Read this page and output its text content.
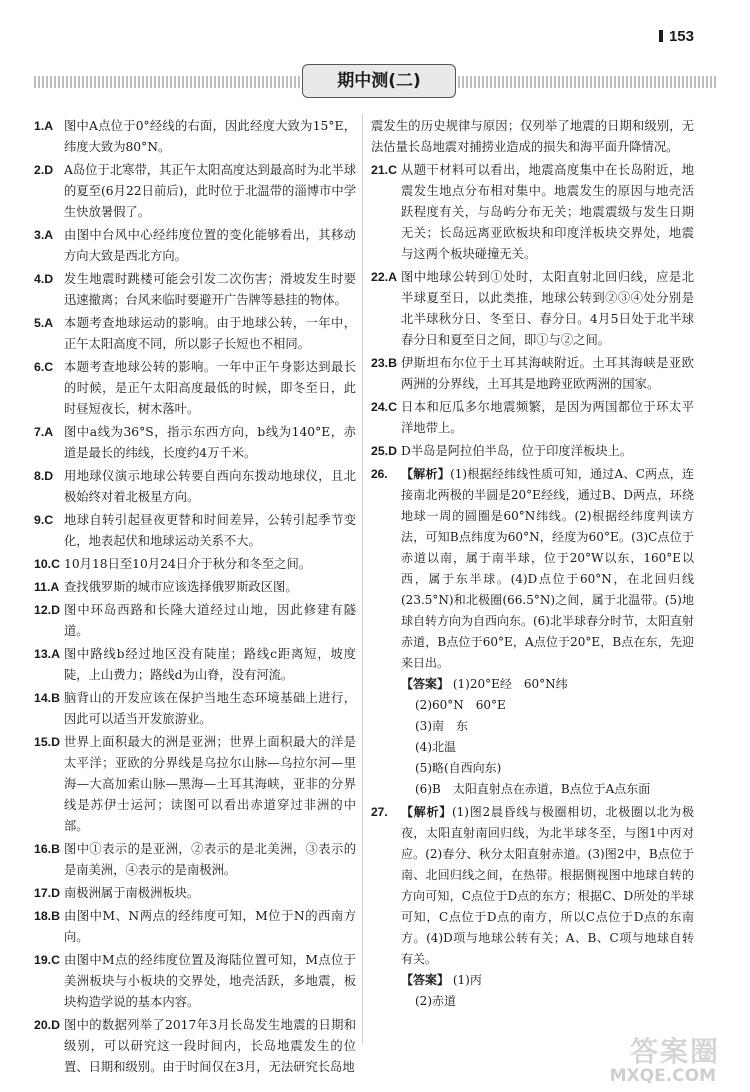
153
期中测(二)
1.A 图中A点位于0°经线的右面，因此经度大致为15°E，纬度大致为80°N。
2.D A岛位于北寒带，其正午太阳高度达到最高时为北半球的夏至(6月22日前后)，此时位于北温带的淄博市中学生快放暑假了。
3.A 由图中台风中心经纬度位置的变化能够看出，其移动方向大致是西北方向。
4.D 发生地震时跳楼可能会引发二次伤害；滑坡发生时要迅速撤离；台风来临时要避开广告牌等悬挂的物体。
5.A 本题考查地球运动的影响。由于地球公转，一年中，正午太阳高度不同，所以影子长短也不相同。
6.C 本题考查地球公转的影响。一年中正午身影达到最长的时候，是正午太阳高度最低的时候，即冬至日，此时昼短夜长，树木落叶。
7.A 图中a线为36°S，指示东西方向，b线为140°E，赤道是最长的纬线，长度约4万千米。
8.D 用地球仪演示地球公转要自西向东拨动地球仪，且北极始终对着北极星方向。
9.C 地球自转引起昼夜更替和时间差异，公转引起季节变化，地表起伏和地球运动关系不大。
10.C 10月18日至10月24日介于秋分和冬至之间。
11.A 查找俄罗斯的城市应该选择俄罗斯政区图。
12.D 图中环岛西路和长隆大道经过山地，因此修建有隧道。
13.A 图中路线b经过地区没有陡崖；路线c距离短，坡度陡，上山费力；路线d为山脊，没有河流。
14.B 脑背山的开发应该在保护当地生态环境基础上进行，因此可以适当开发旅游业。
15.D 世界上面积最大的洲是亚洲；世界上面积最大的洋是太平洋；亚欧的分界线是乌拉尔山脉—乌拉尔河—里海—大高加索山脉—黑海—土耳其海峡，亚非的分界线是苏伊士运河；读图可以看出赤道穿过非洲的中部。
16.B 图中①表示的是亚洲，②表示的是北美洲，③表示的是南美洲，④表示的是南极洲。
17.D 南极洲属于南极洲板块。
18.B 由图中M、N两点的经纬度可知，M位于N的西南方向。
19.C 由图中M点的经纬度位置及海陆位置可知，M点位于美洲板块与小板块的交界处，地壳活跃，多地震，板块构造学说的基本内容。
20.D 图中的数据列举了2017年3月长岛发生地震的日期和级别，可以研究这一段时间内，长岛地震发生的位置、日期和级别。由于时间仅在3月，无法研究长岛地
震发生的历史规律与原因；仅列举了地震的日期和级别，无法估量长岛地震对捕捞业造成的损失和海平面升降情况。
21.C 从题干材料可以看出，地震高度集中在长岛附近，地震发生地点分布相对集中。地震发生的原因与地壳活跃程度有关，与岛屿分布无关；地震震级与发生日期无关；长岛远离亚欧板块和印度洋板块交界处，地震与这两个板块碰撞无关。
22.A 图中地球公转到①处时，太阳直射北回归线，应是北半球夏至日，以此类推，地球公转到②③④处分别是北半球秋分日、冬至日、春分日。4月5日处于北半球春分日和夏至日之间，即①与②之间。
23.B 伊斯坦布尔位于土耳其海峡附近。土耳其海峡是亚欧两洲的分界线，土耳其是地跨亚欧两洲的国家。
24.C 日本和厄瓜多尔地震频繁，是因为两国都位于环太平洋地带上。
25.D D半岛是阿拉伯半岛，位于印度洋板块上。
26. 【解析】(1)根据经纬线性质可知，通过A、C两点，连接南北两极的半圆是20°E经线，通过B、D两点，环绕地球一周的圆圈是60°N纬线。(2)根据经纬度判读方法，可知B点纬度为60°N，经度为60°E。(3)C点位于赤道以南，属于南半球，位于20°W以东，160°E以西，属于东半球。(4)D点位于60°N，在北回归线(23.5°N)和北极圈(66.5°N)之间，属于北温带。(5)地球自转方向为自西向东。(6)北半球春分时节，太阳直射赤道，B点位于60°E，A点位于20°E，B点在东，先迎来日出。
【答案】 (1)20°E经　60°N纬
(2)60°N　60°E
(3)南　东
(4)北温
(5)略(自西向东)
(6)B　太阳直射点在赤道，B点位于A点东面
27. 【解析】(1)图2晨昏线与极圈相切，北极圈以北为极夜，太阳直射南回归线，为北半球冬至，与图1中丙对应。(2)春分、秋分太阳直射赤道。(3)图2中，B点位于南、北回归线之间，在热带。根据侧视图中地球自转的方向可知，C点位于D点的东方；根据C、D所处的半球可知，C点位于D点的南方，所以C点位于D点的东南方。(4)D项与地球公转有关；A、B、C项与地球自转有关。
【答案】 (1)丙
(2)赤道
答案圈
MXQE.COM
